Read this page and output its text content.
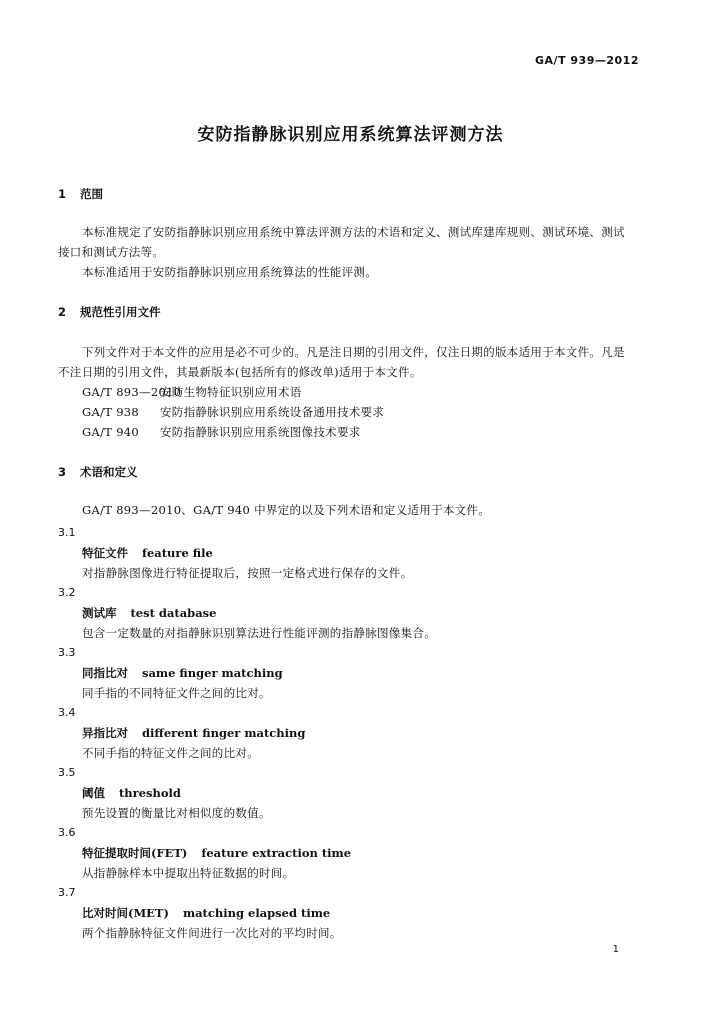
GA/T 939—2012
安防指静脉识别应用系统算法评测方法
1 范围
本标准规定了安防指静脉识别应用系统中算法评测方法的术语和定义、测试库建库规则、测试环境、测试接口和测试方法等。
本标准适用于安防指静脉识别应用系统算法的性能评测。
2 规范性引用文件
下列文件对于本文件的应用是必不可少的。凡是注日期的引用文件，仅注日期的版本适用于本文件。凡是不注日期的引用文件，其最新版本(包括所有的修改单)适用于本文件。
GA/T 893—2010 安防生物特征识别应用术语
GA/T 938 安防指静脉识别应用系统设备通用技术要求
GA/T 940 安防指静脉识别应用系统图像技术要求
3 术语和定义
GA/T 893—2010、GA/T 940 中界定的以及下列术语和定义适用于本文件。
3.1
特征文件 feature file
对指静脉图像进行特征提取后，按照一定格式进行保存的文件。
3.2
测试库 test database
包含一定数量的对指静脉识别算法进行性能评测的指静脉图像集合。
3.3
同指比对 same finger matching
同手指的不同特征文件之间的比对。
3.4
异指比对 different finger matching
不同手指的特征文件之间的比对。
3.5
阈值 threshold
预先设置的衡量比对相似度的数值。
3.6
特征提取时间(FET) feature extraction time
从指静脉样本中提取出特征数据的时间。
3.7
比对时间(MET) matching elapsed time
两个指静脉特征文件间进行一次比对的平均时间。
1
